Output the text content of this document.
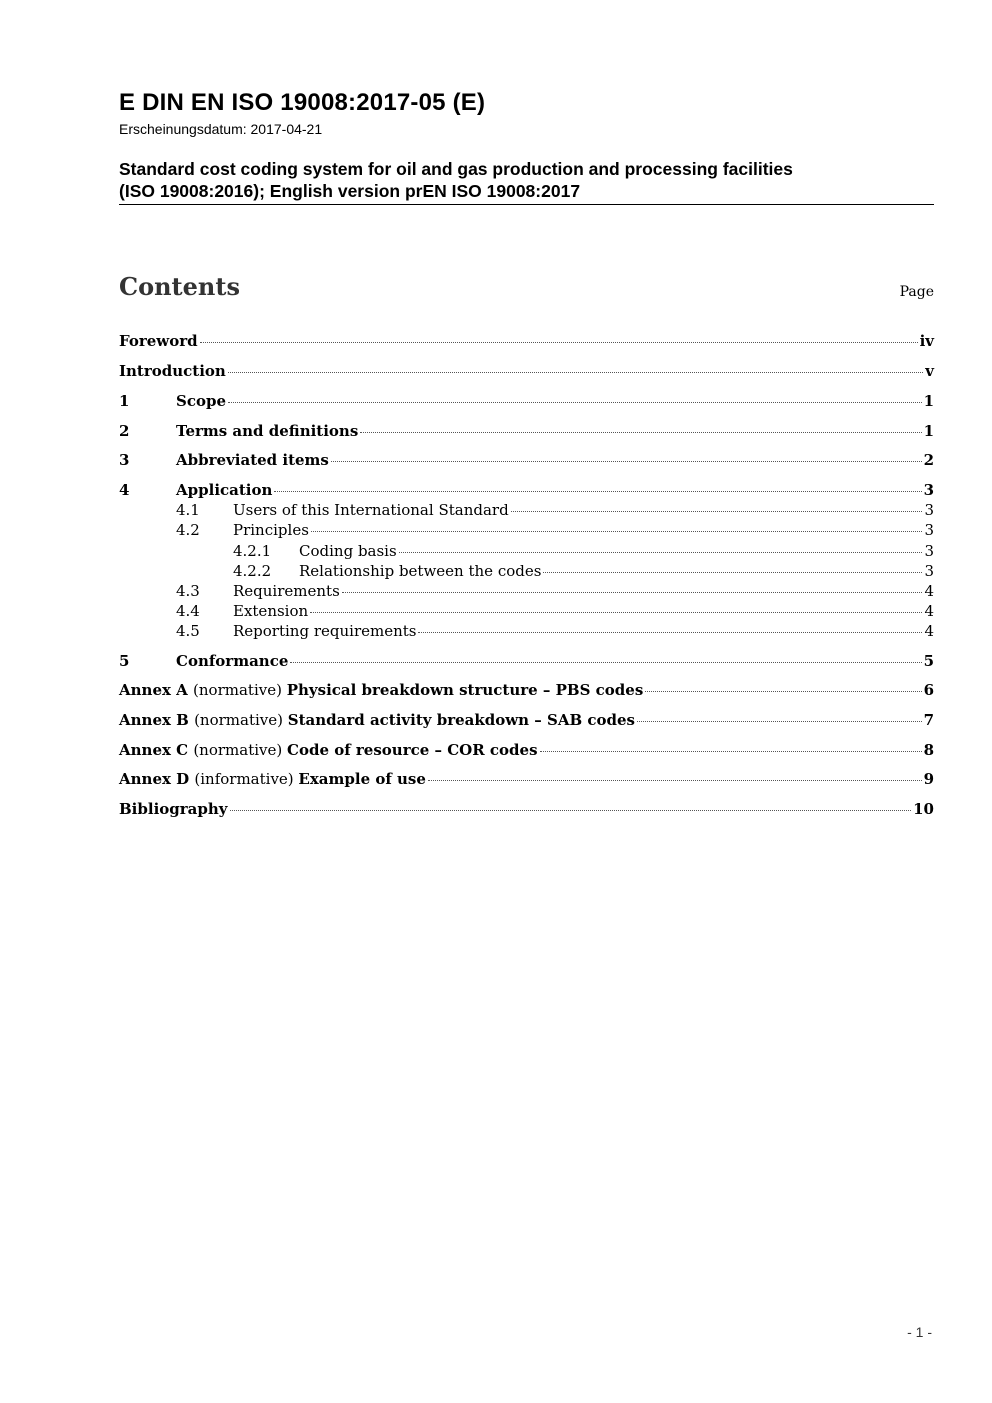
E DIN EN ISO 19008:2017-05 (E)
Erscheinungsdatum: 2017-04-21
Standard cost coding system for oil and gas production and processing facilities
(ISO 19008:2016); English version prEN ISO 19008:2017
Contents	Page
Foreword	iv
Introduction	v
1	Scope	1
2	Terms and definitions	1
3	Abbreviated items	2
4	Application	3
4.1	Users of this International Standard	3
4.2	Principles	3
4.2.1	Coding basis	3
4.2.2	Relationship between the codes	3
4.3	Requirements	4
4.4	Extension	4
4.5	Reporting requirements	4
5	Conformance	5
Annex A (normative) Physical breakdown structure – PBS codes	6
Annex B (normative) Standard activity breakdown – SAB codes	7
Annex C (normative) Code of resource – COR codes	8
Annex D (informative) Example of use	9
Bibliography	10
- 1 -
